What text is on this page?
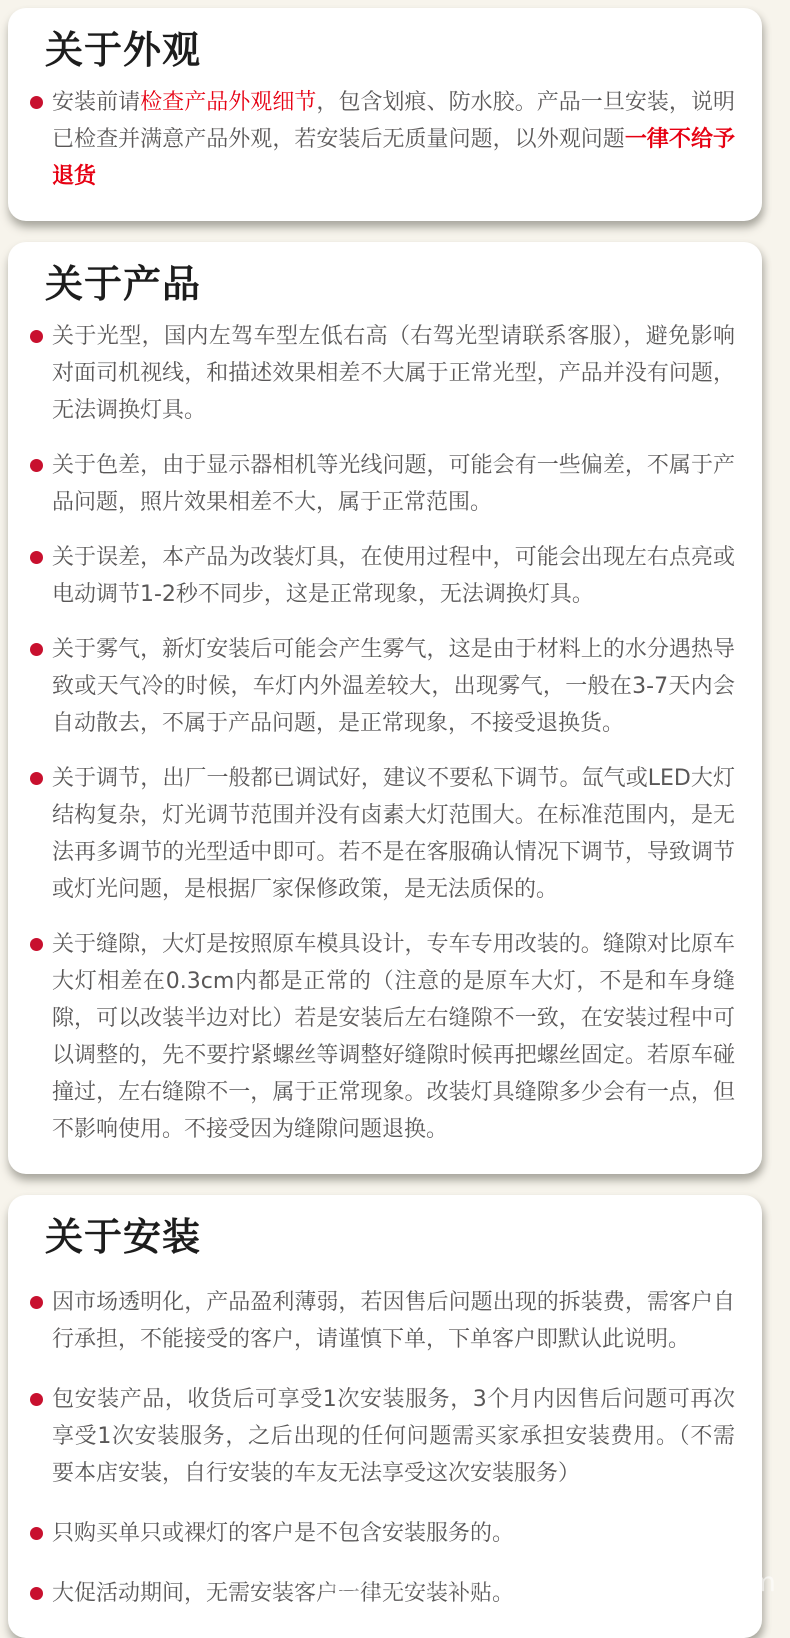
关于外观

安装前请检查产品外观细节，包含划痕、防水胶。产品一旦安装，说明已检查并满意产品外观，若安装后无质量问题，以外观问题一律不给予退货

关于产品

关于光型，国内左驾车型左低右高（右驾光型请联系客服），避免影响对面司机视线，和描述效果相差不大属于正常光型，产品并没有问题，无法调换灯具。

关于色差，由于显示器相机等光线问题，可能会有一些偏差，不属于产品问题，照片效果相差不大，属于正常范围。

关于误差，本产品为改装灯具，在使用过程中，可能会出现左右点亮或电动调节1-2秒不同步，这是正常现象，无法调换灯具。

关于雾气，新灯安装后可能会产生雾气，这是由于材料上的水分遇热导致或天气冷的时候，车灯内外温差较大，出现雾气，一般在3-7天内会自动散去，不属于产品问题，是正常现象，不接受退换货。

关于调节，出厂一般都已调试好，建议不要私下调节。氙气或LED大灯结构复杂，灯光调节范围并没有卤素大灯范围大。在标准范围内，是无法再多调节的光型适中即可。若不是在客服确认情况下调节，导致调节或灯光问题，是根据厂家保修政策，是无法质保的。

关于缝隙，大灯是按照原车模具设计，专车专用改装的。缝隙对比原车大灯相差在0.3cm内都是正常的（注意的是原车大灯，不是和车身缝隙，可以改装半边对比）若是安装后左右缝隙不一致，在安装过程中可以调整的，先不要拧紧螺丝等调整好缝隙时候再把螺丝固定。若原车碰撞过，左右缝隙不一，属于正常现象。改装灯具缝隙多少会有一点，但不影响使用。不接受因为缝隙问题退换。

关于安装

因市场透明化，产品盈利薄弱，若因售后问题出现的拆装费，需客户自行承担，不能接受的客户，请谨慎下单，下单客户即默认此说明。

包安装产品，收货后可享受1次安装服务，3个月内因售后问题可再次享受1次安装服务，之后出现的任何问题需买家承担安装费用。（不需要本店安装，自行安装的车友无法享受这次安装服务）

只购买单只或裸灯的客户是不包含安装服务的。

大促活动期间，无需安装客户一律无安装补贴。

shop150511903590.1688.com
